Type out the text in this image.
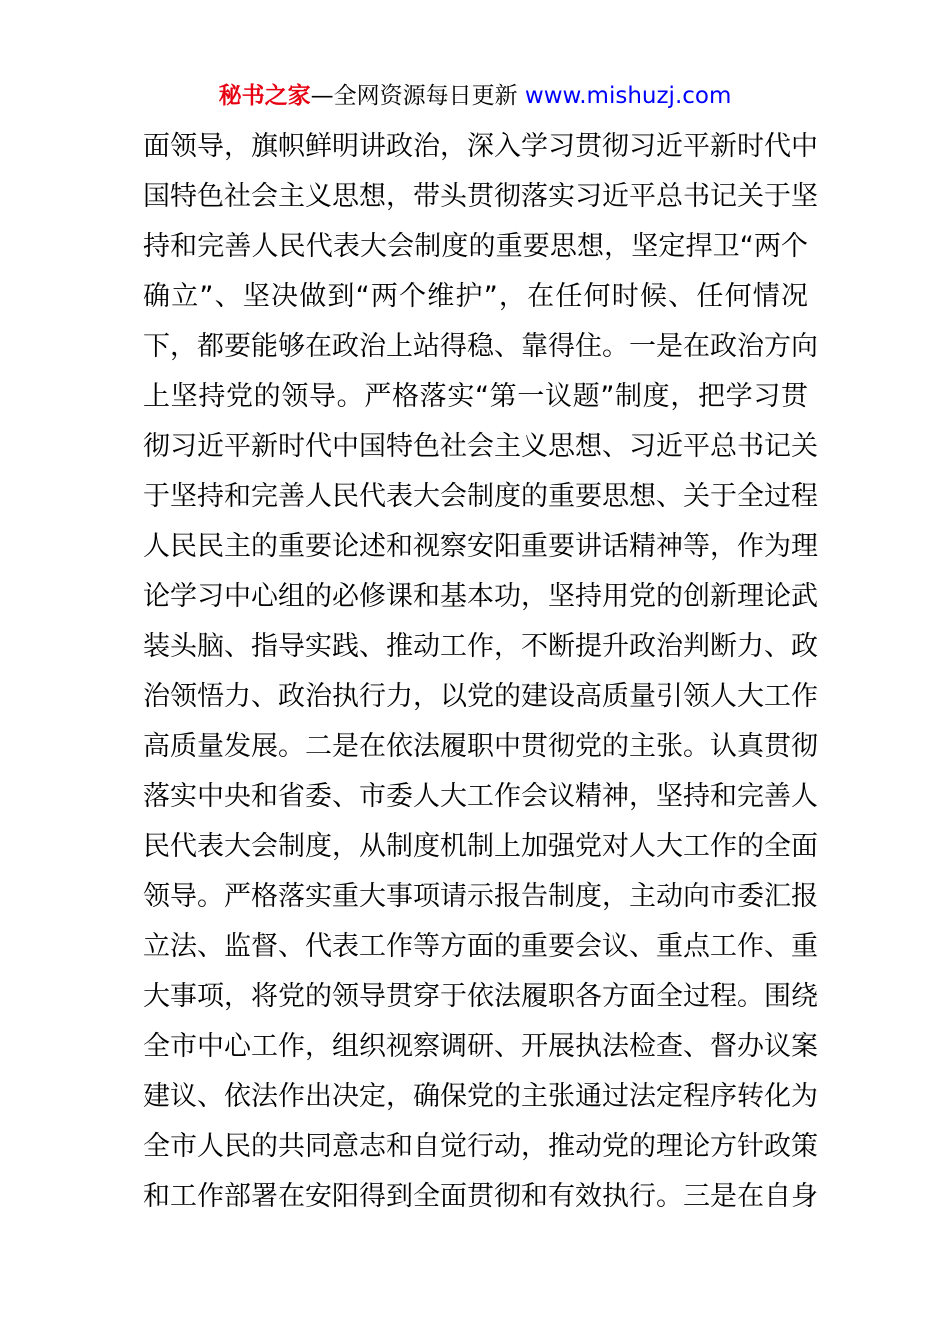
秘书之家—全网资源每日更新 www.mishuzj.com
面领导，旗帜鲜明讲政治，深入学习贯彻习近平新时代中
国特色社会主义思想，带头贯彻落实习近平总书记关于坚
持和完善人民代表大会制度的重要思想，坚定捍卫“两个
确立”、坚决做到“两个维护”，在任何时候、任何情况
下，都要能够在政治上站得稳、靠得住。一是在政治方向
上坚持党的领导。严格落实“第一议题”制度，把学习贯
彻习近平新时代中国特色社会主义思想、习近平总书记关
于坚持和完善人民代表大会制度的重要思想、关于全过程
人民民主的重要论述和视察安阳重要讲话精神等，作为理
论学习中心组的必修课和基本功，坚持用党的创新理论武
装头脑、指导实践、推动工作，不断提升政治判断力、政
治领悟力、政治执行力，以党的建设高质量引领人大工作
高质量发展。二是在依法履职中贯彻党的主张。认真贯彻
落实中央和省委、市委人大工作会议精神，坚持和完善人
民代表大会制度，从制度机制上加强党对人大工作的全面
领导。严格落实重大事项请示报告制度，主动向市委汇报
立法、监督、代表工作等方面的重要会议、重点工作、重
大事项，将党的领导贯穿于依法履职各方面全过程。围绕
全市中心工作，组织视察调研、开展执法检查、督办议案
建议、依法作出决定，确保党的主张通过法定程序转化为
全市人民的共同意志和自觉行动，推动党的理论方针政策
和工作部署在安阳得到全面贯彻和有效执行。三是在自身
